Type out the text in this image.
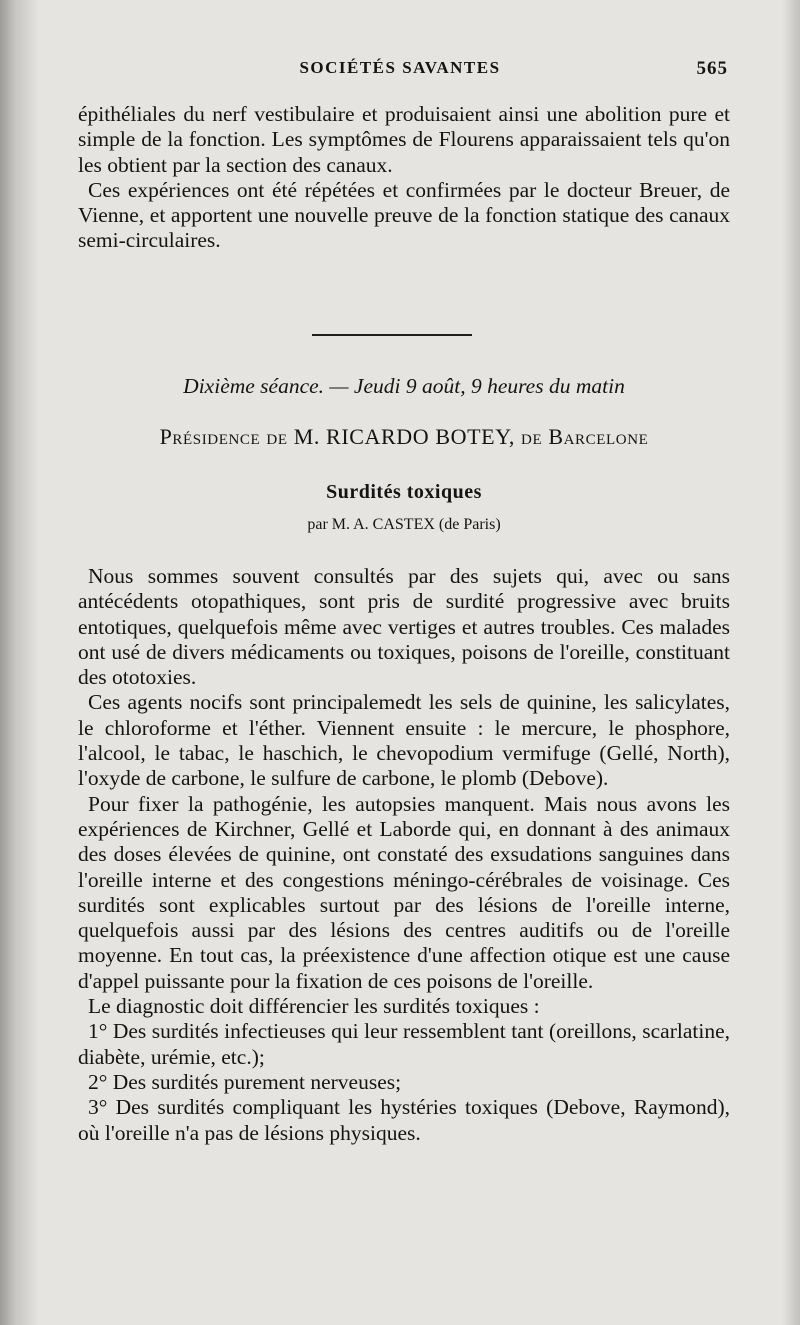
SOCIÉTÉS SAVANTES	565

épithéliales du nerf vestibulaire et produisaient ainsi une abolition pure et simple de la fonction. Les symptômes de Flourens apparaissaient tels qu'on les obtient par la section des canaux.

Ces expériences ont été répétées et confirmées par le docteur Breuer, de Vienne, et apportent une nouvelle preuve de la fonction statique des canaux semi-circulaires.

Dixième séance. — Jeudi 9 août, 9 heures du matin
Présidence de M. RICARDO BOTEY, de Barcelone
Surdités toxiques
par M. A. CASTEX (de Paris)

Nous sommes souvent consultés par des sujets qui, avec ou sans antécédents otopathiques, sont pris de surdité progressive avec bruits entotiques, quelquefois même avec vertiges et autres troubles. Ces malades ont usé de divers médicaments ou toxiques, poisons de l'oreille, constituant des ototoxies.

Ces agents nocifs sont principalemedt les sels de quinine, les salicylates, le chloroforme et l'éther. Viennent ensuite : le mercure, le phosphore, l'alcool, le tabac, le haschich, le chevopodium vermifuge (Gellé, North), l'oxyde de carbone, le sulfure de carbone, le plomb (Debove).

Pour fixer la pathogénie, les autopsies manquent. Mais nous avons les expériences de Kirchner, Gellé et Laborde qui, en donnant à des animaux des doses élevées de quinine, ont constaté des exsudations sanguines dans l'oreille interne et des congestions méningo-cérébrales de voisinage. Ces surdités sont explicables surtout par des lésions de l'oreille interne, quelquefois aussi par des lésions des centres auditifs ou de l'oreille moyenne. En tout cas, la préexistence d'une affection otique est une cause d'appel puissante pour la fixation de ces poisons de l'oreille.

Le diagnostic doit différencier les surdités toxiques :

1° Des surdités infectieuses qui leur ressemblent tant (oreillons, scarlatine, diabète, urémie, etc.);

2° Des surdités purement nerveuses;

3° Des surdités compliquant les hystéries toxiques (Debove, Raymond), où l'oreille n'a pas de lésions physiques.
